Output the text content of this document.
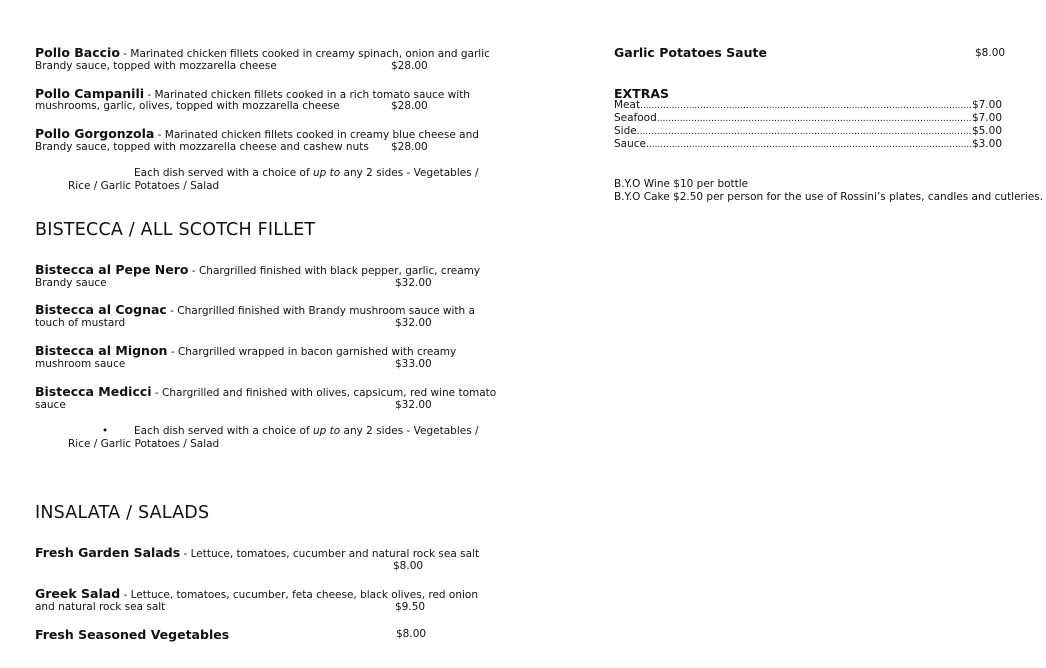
Pollo Baccio - Marinated chicken fillets cooked in creamy spinach, onion and garlic
Brandy sauce, topped with mozzarella cheese	$28.00
Pollo Campanili - Marinated chicken fillets cooked in a rich tomato sauce with
mushrooms, garlic, olives, topped with mozzarella cheese	$28.00
Pollo Gorgonzola - Marinated chicken fillets cooked in creamy blue cheese and
Brandy sauce, topped with mozzarella cheese and cashew nuts $28.00
Each dish served with a choice of up to any 2 sides - Vegetables /
Rice / Garlic Potatoes / Salad
BISTECCA / ALL SCOTCH FILLET
Bistecca al Pepe Nero - Chargrilled finished with black pepper, garlic, creamy
Brandy sauce	$32.00
Bistecca al Cognac - Chargrilled finished with Brandy mushroom sauce with a
touch of mustard	$32.00
Bistecca al Mignon - Chargrilled wrapped in bacon garnished with creamy
mushroom sauce	$33.00
Bistecca Medicci - Chargrilled and finished with olives, capsicum, red wine tomato
sauce	$32.00
• Each dish served with a choice of up to any 2 sides - Vegetables /
Rice / Garlic Potatoes / Salad
INSALATA / SALADS
Fresh Garden Salads - Lettuce, tomatoes, cucumber and natural rock sea salt
$8.00
Greek Salad - Lettuce, tomatoes, cucumber, feta cheese, black olives, red onion
and natural rock sea salt	$9.50
Fresh Seasoned Vegetables	$8.00
Garlic Potatoes Saute	$8.00
EXTRAS
Meat .....	$7.00
Seafood .....	$7.00
Side .....	$5.00
Sauce .....	$3.00
B.Y.O Wine $10 per bottle
B.Y.O Cake $2.50 per person for the use of Rossini’s plates, candles and cutleries.
